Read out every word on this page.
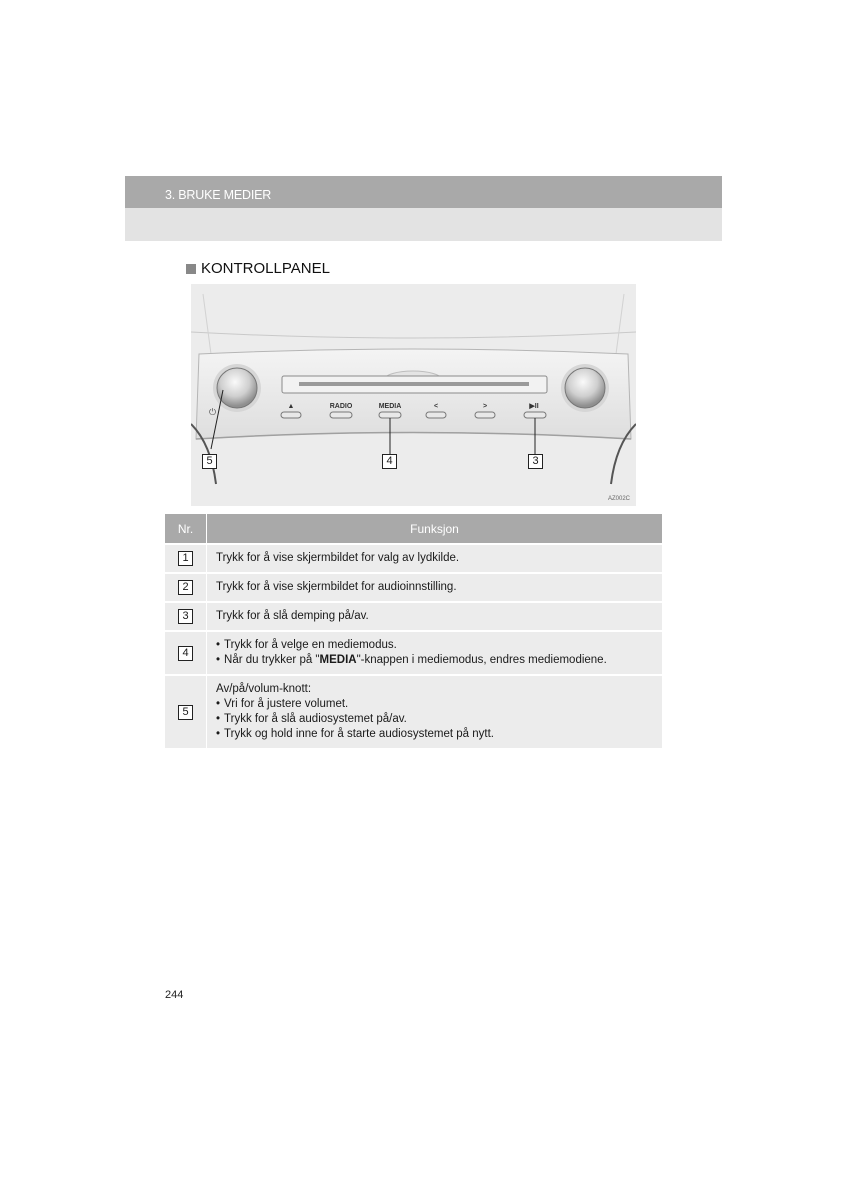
3. BRUKE MEDIER
KONTROLLPANEL
⏻
▲	RADIO	MEDIA	<	>	▶II
5	4	3
AZ002C
Nr.	Funksjon
1	Trykk for å vise skjermbildet for valg av lydkilde.
2	Trykk for å vise skjermbildet for audioinnstilling.
3	Trykk for å slå demping på/av.
4	• Trykk for å velge en mediemodus.
• Når du trykker på "MEDIA"-knappen i mediemodus, endres mediemodiene.

5	Av/på/volum-knott:
• Vri for å justere volumet.
• Trykk for å slå audiosystemet på/av.
• Trykk og hold inne for å starte audiosystemet på nytt.
244
